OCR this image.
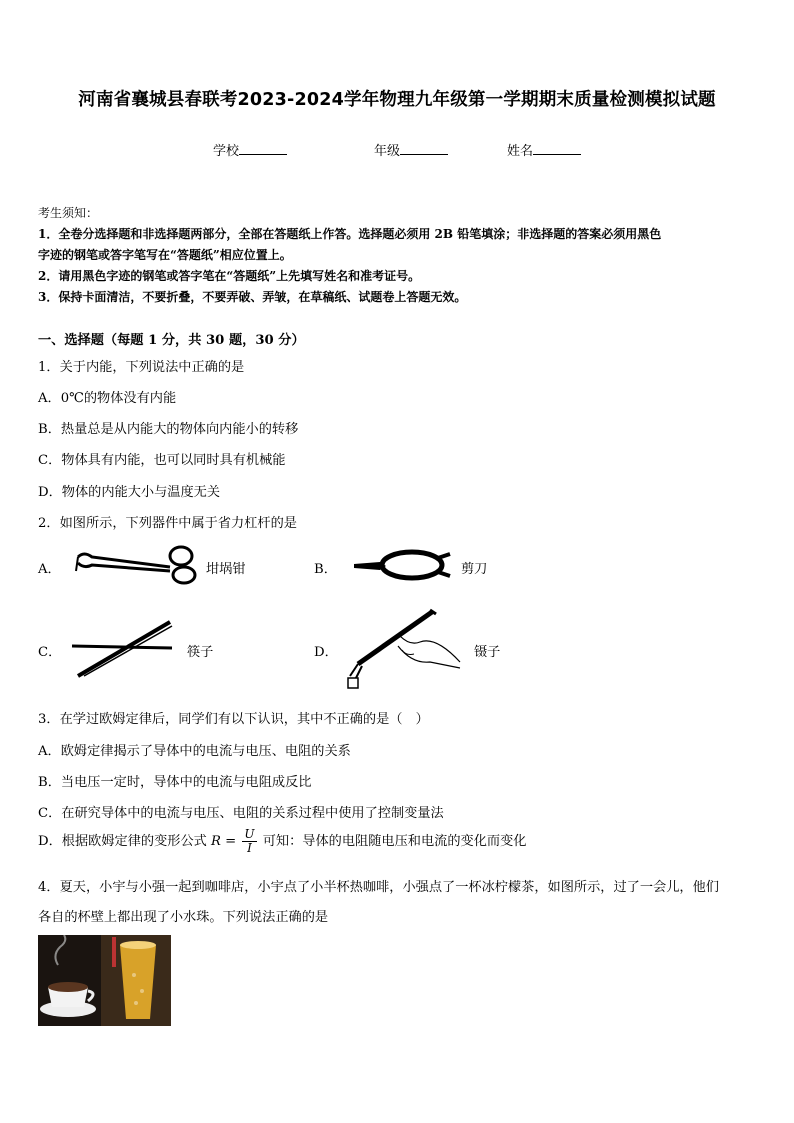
河南省襄城县春联考2023-2024学年物理九年级第一学期期末质量检测模拟试题
学校	年级	姓名
考生须知：
1．全卷分选择题和非选择题两部分，全部在答题纸上作答。选择题必须用 2B 铅笔填涂；非选择题的答案必须用黑色
字迹的钢笔或答字笔写在“答题纸”相应位置上。
2．请用黑色字迹的钢笔或答字笔在“答题纸”上先填写姓名和准考证号。
3．保持卡面清洁，不要折叠，不要弄破、弄皱，在草稿纸、试题卷上答题无效。
一、选择题（每题 1 分，共 30 题，30 分）
1．关于内能，下列说法中正确的是
A．0℃的物体没有内能
B．热量总是从内能大的物体向内能小的转移
C．物体具有内能，也可以同时具有机械能
D．物体的内能大小与温度无关
2．如图所示，下列器件中属于省力杠杆的是
A．	坩埚钳	B．	剪刀
C．	筷子	D．	镊子
3．在学过欧姆定律后，同学们有以下认识，其中不正确的是（　）
A．欧姆定律揭示了导体中的电流与电压、电阻的关系
B．当电压一定时，导体中的电流与电阻成反比
C．在研究导体中的电流与电压、电阻的关系过程中使用了控制变量法
D．根据欧姆定律的变形公式 $R = \frac{U}{I}$ 可知：导体的电阻随电压和电流的变化而变化
4．夏天，小宇与小强一起到咖啡店，小宇点了小半杯热咖啡，小强点了一杯冰柠檬茶，如图所示，过了一会儿，他们
各自的杯壁上都出现了小水珠。下列说法正确的是
